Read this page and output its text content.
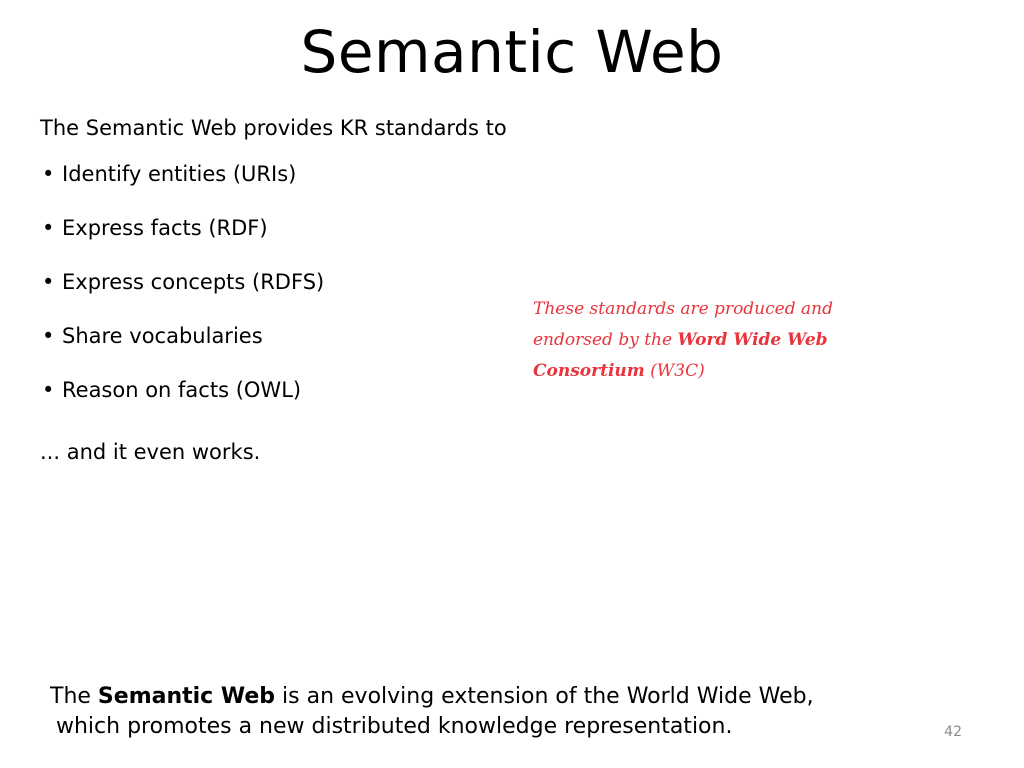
Semantic Web
The Semantic Web provides KR standards to
• Identify entities (URIs)
• Express facts (RDF)
• Express concepts (RDFS)
• Share vocabularies
• Reason on facts (OWL)
... and it even works.
These standards are produced and endorsed by the Word Wide Web Consortium (W3C)
The Semantic Web is an evolving extension of the World Wide Web,
which promotes a new distributed knowledge representation.	42
